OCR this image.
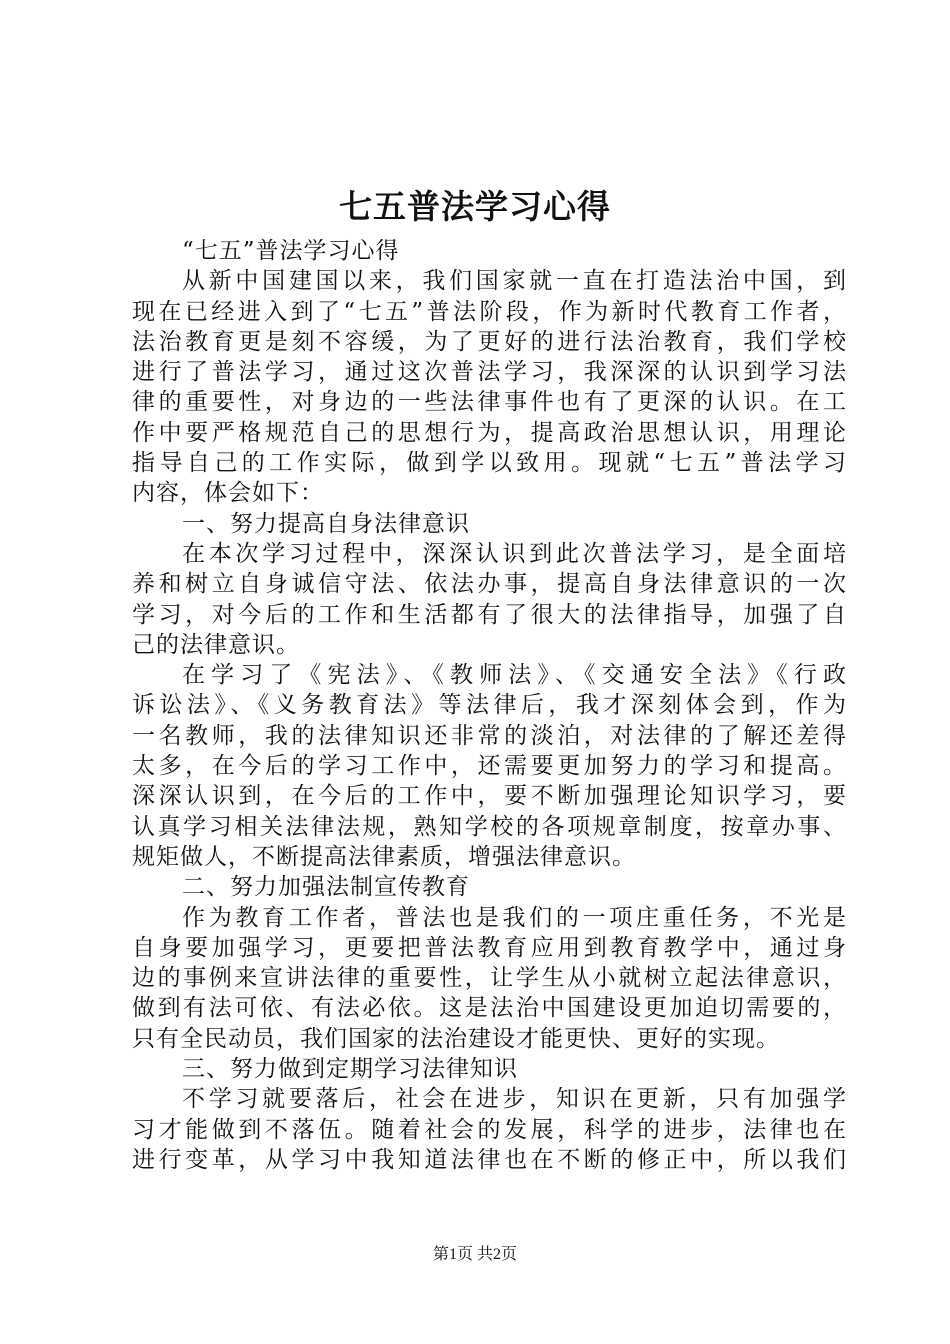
七五普法学习心得
“七五”普法学习心得
从新中国建国以来，我们国家就一直在打造法治中国，到
现在已经进入到了“七五”普法阶段，作为新时代教育工作者，
法治教育更是刻不容缓，为了更好的进行法治教育，我们学校
进行了普法学习，通过这次普法学习，我深深的认识到学习法
律的重要性，对身边的一些法律事件也有了更深的认识。在工
作中要严格规范自己的思想行为，提高政治思想认识，用理论
指导自己的工作实际，做到学以致用。现就“七五”普法学习
内容，体会如下：
一、努力提高自身法律意识
在本次学习过程中，深深认识到此次普法学习，是全面培
养和树立自身诚信守法、依法办事，提高自身法律意识的一次
学习，对今后的工作和生活都有了很大的法律指导，加强了自
己的法律意识。
在学习了《宪法》、《教师法》、《交通安全法》《行政
诉讼法》、《义务教育法》等法律后，我才深刻体会到，作为
一名教师，我的法律知识还非常的淡泊，对法律的了解还差得
太多，在今后的学习工作中，还需要更加努力的学习和提高。
深深认识到，在今后的工作中，要不断加强理论知识学习，要
认真学习相关法律法规，熟知学校的各项规章制度，按章办事、
规矩做人，不断提高法律素质，增强法律意识。
二、努力加强法制宣传教育
作为教育工作者，普法也是我们的一项庄重任务，不光是
自身要加强学习，更要把普法教育应用到教育教学中，通过身
边的事例来宣讲法律的重要性，让学生从小就树立起法律意识，
做到有法可依、有法必依。这是法治中国建设更加迫切需要的，
只有全民动员，我们国家的法治建设才能更快、更好的实现。
三、努力做到定期学习法律知识
不学习就要落后，社会在进步，知识在更新，只有加强学
习才能做到不落伍。随着社会的发展，科学的进步，法律也在
进行变革，从学习中我知道法律也在不断的修正中，所以我们
第1页 共2页
